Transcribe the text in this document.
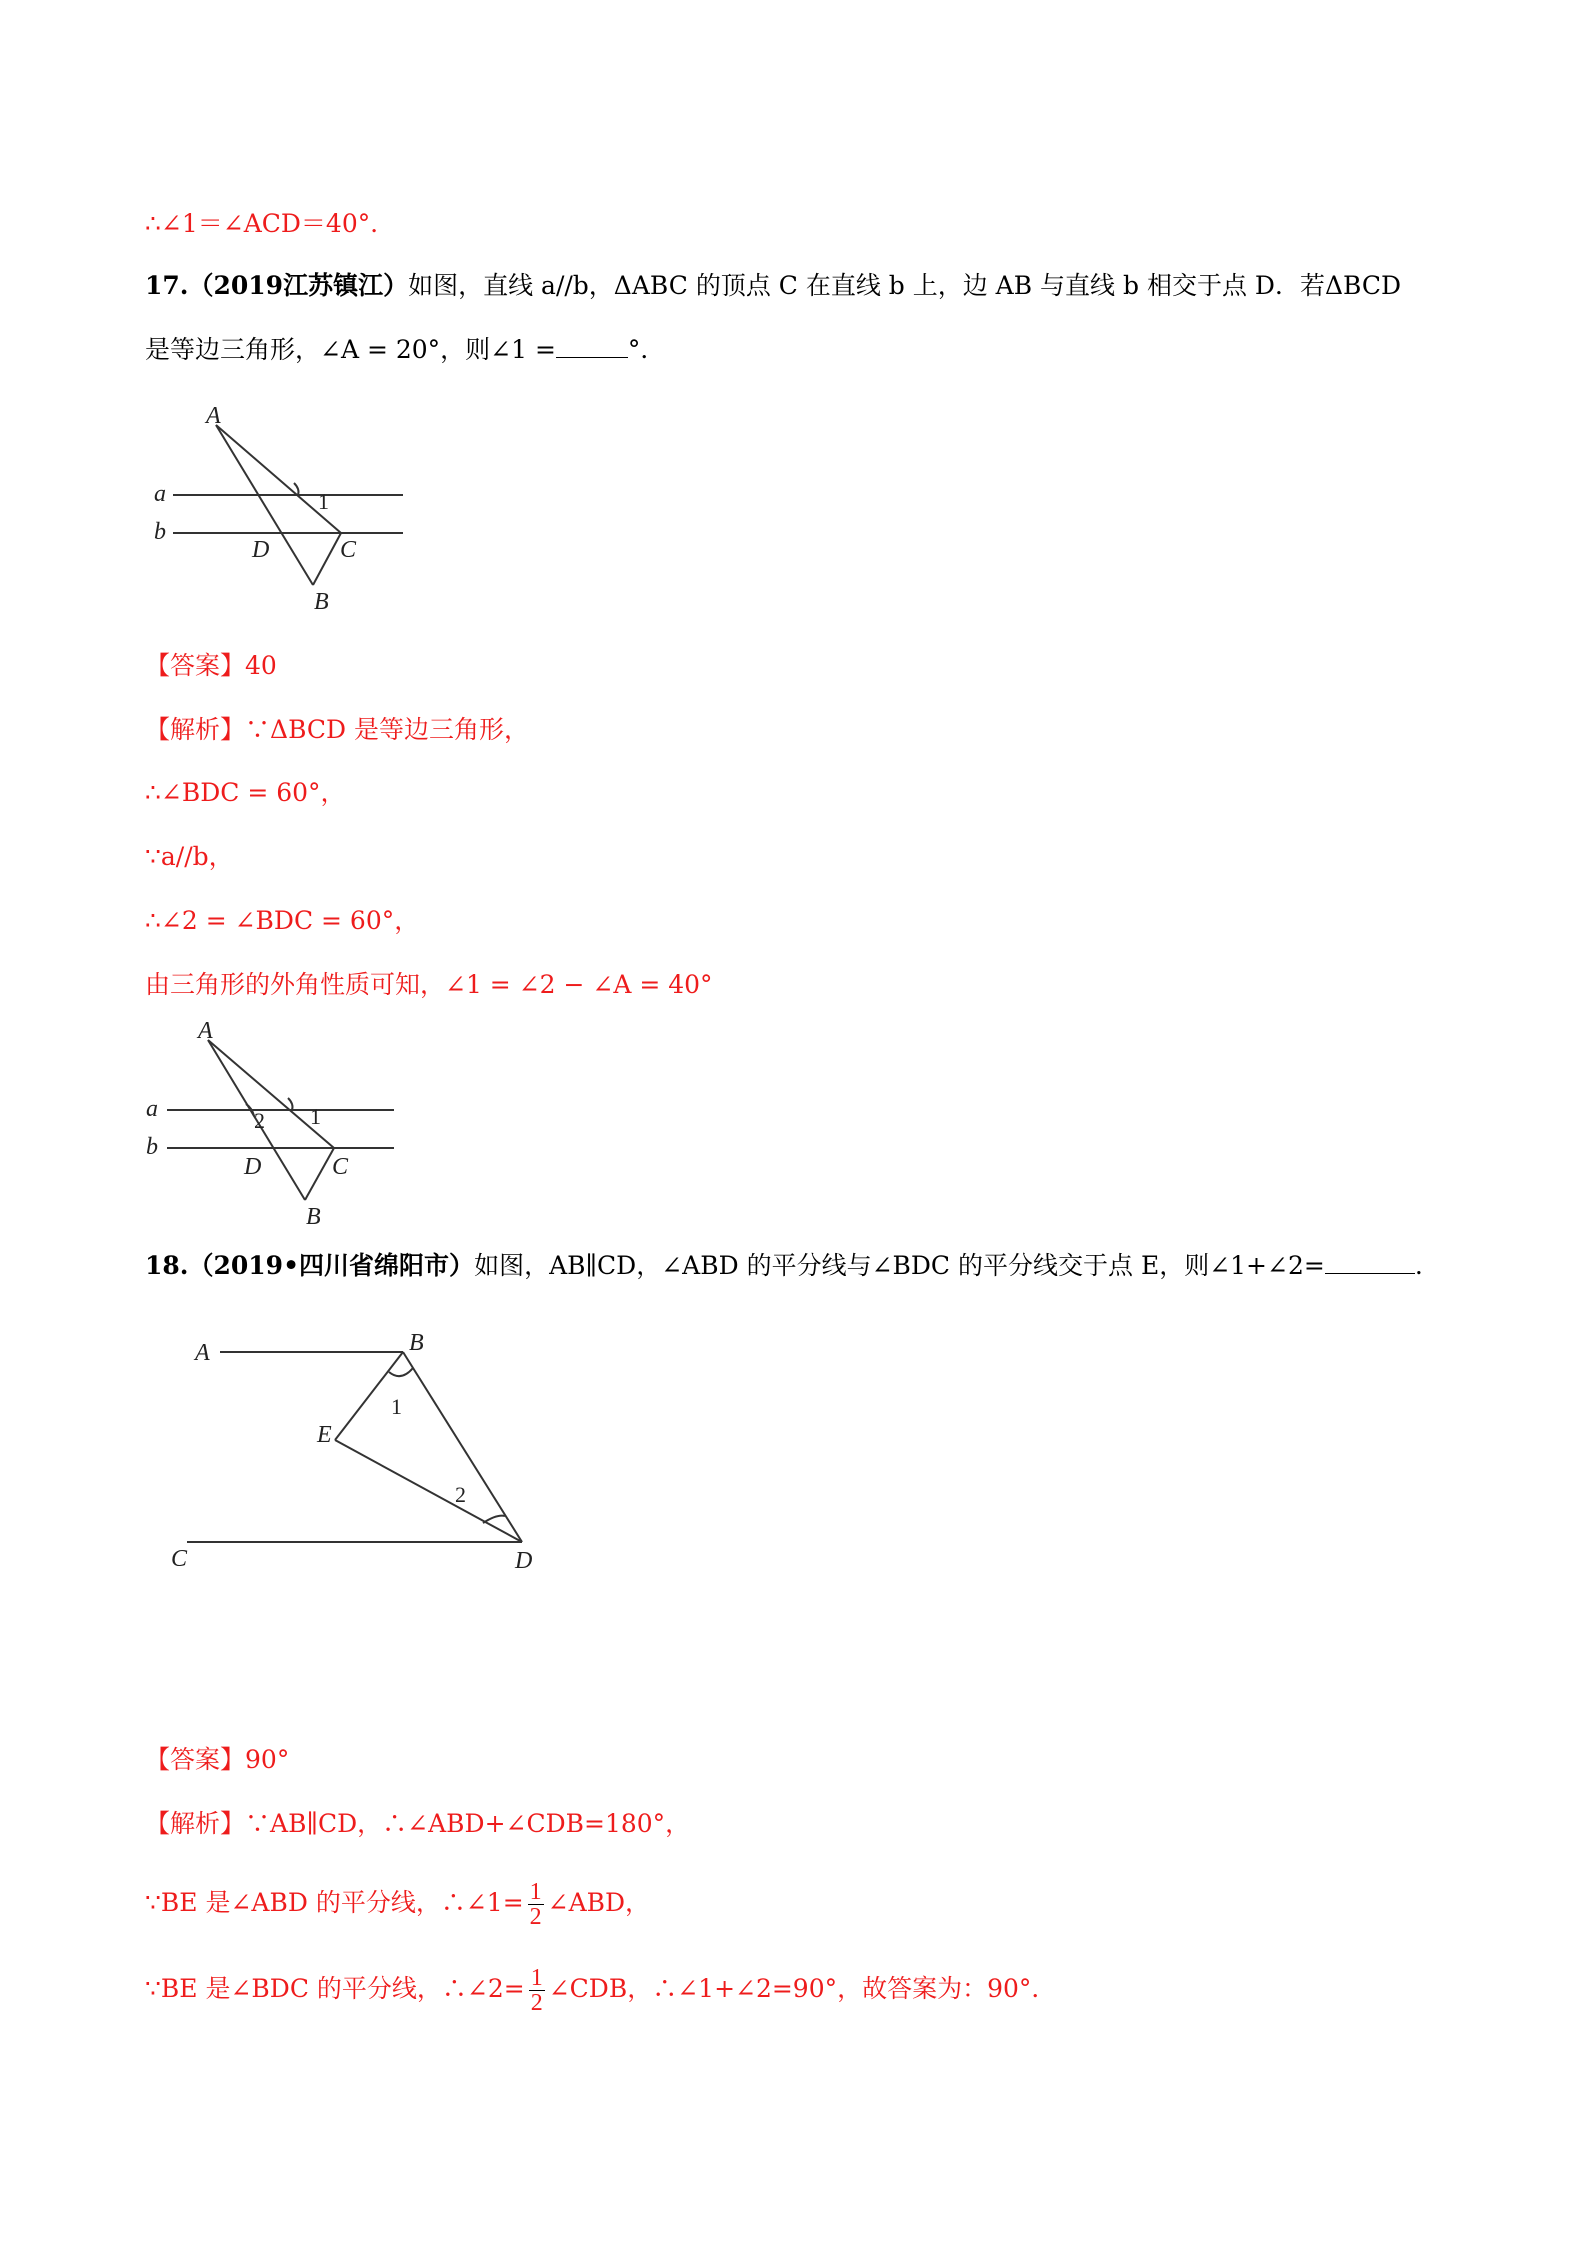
∴∠1＝∠ACD＝40°．
17.（2019江苏镇江）如图，直线 a//b，ΔABC 的顶点 C 在直线 b 上，边 AB 与直线 b 相交于点 D．若ΔBCD
是等边三角形，∠A = 20°，则∠1 =	°．
A
a
b
1
D	C
B
【答案】40
【解析】∵ΔBCD 是等边三角形，
∴∠BDC = 60°，
∵a//b，
∴∠2 = ∠BDC = 60°，
由三角形的外角性质可知，∠1 = ∠2 − ∠A = 40°
A
a
b
2 1
D	C
B
18.（2019•四川省绵阳市）如图，AB∥CD，∠ABD 的平分线与∠BDC 的平分线交于点 E，则∠1+∠2=	.
A	B
1
E
2
C	D
【答案】90°
【解析】∵AB∥CD，∴∠ABD+∠CDB=180°，
∵BE 是∠ABD 的平分线，∴∠1= $\frac{1}{2}$ ∠ABD，
∵BE 是∠BDC 的平分线，∴∠2= $\frac{1}{2}$ ∠CDB，∴∠1+∠2=90°，故答案为：90°．
